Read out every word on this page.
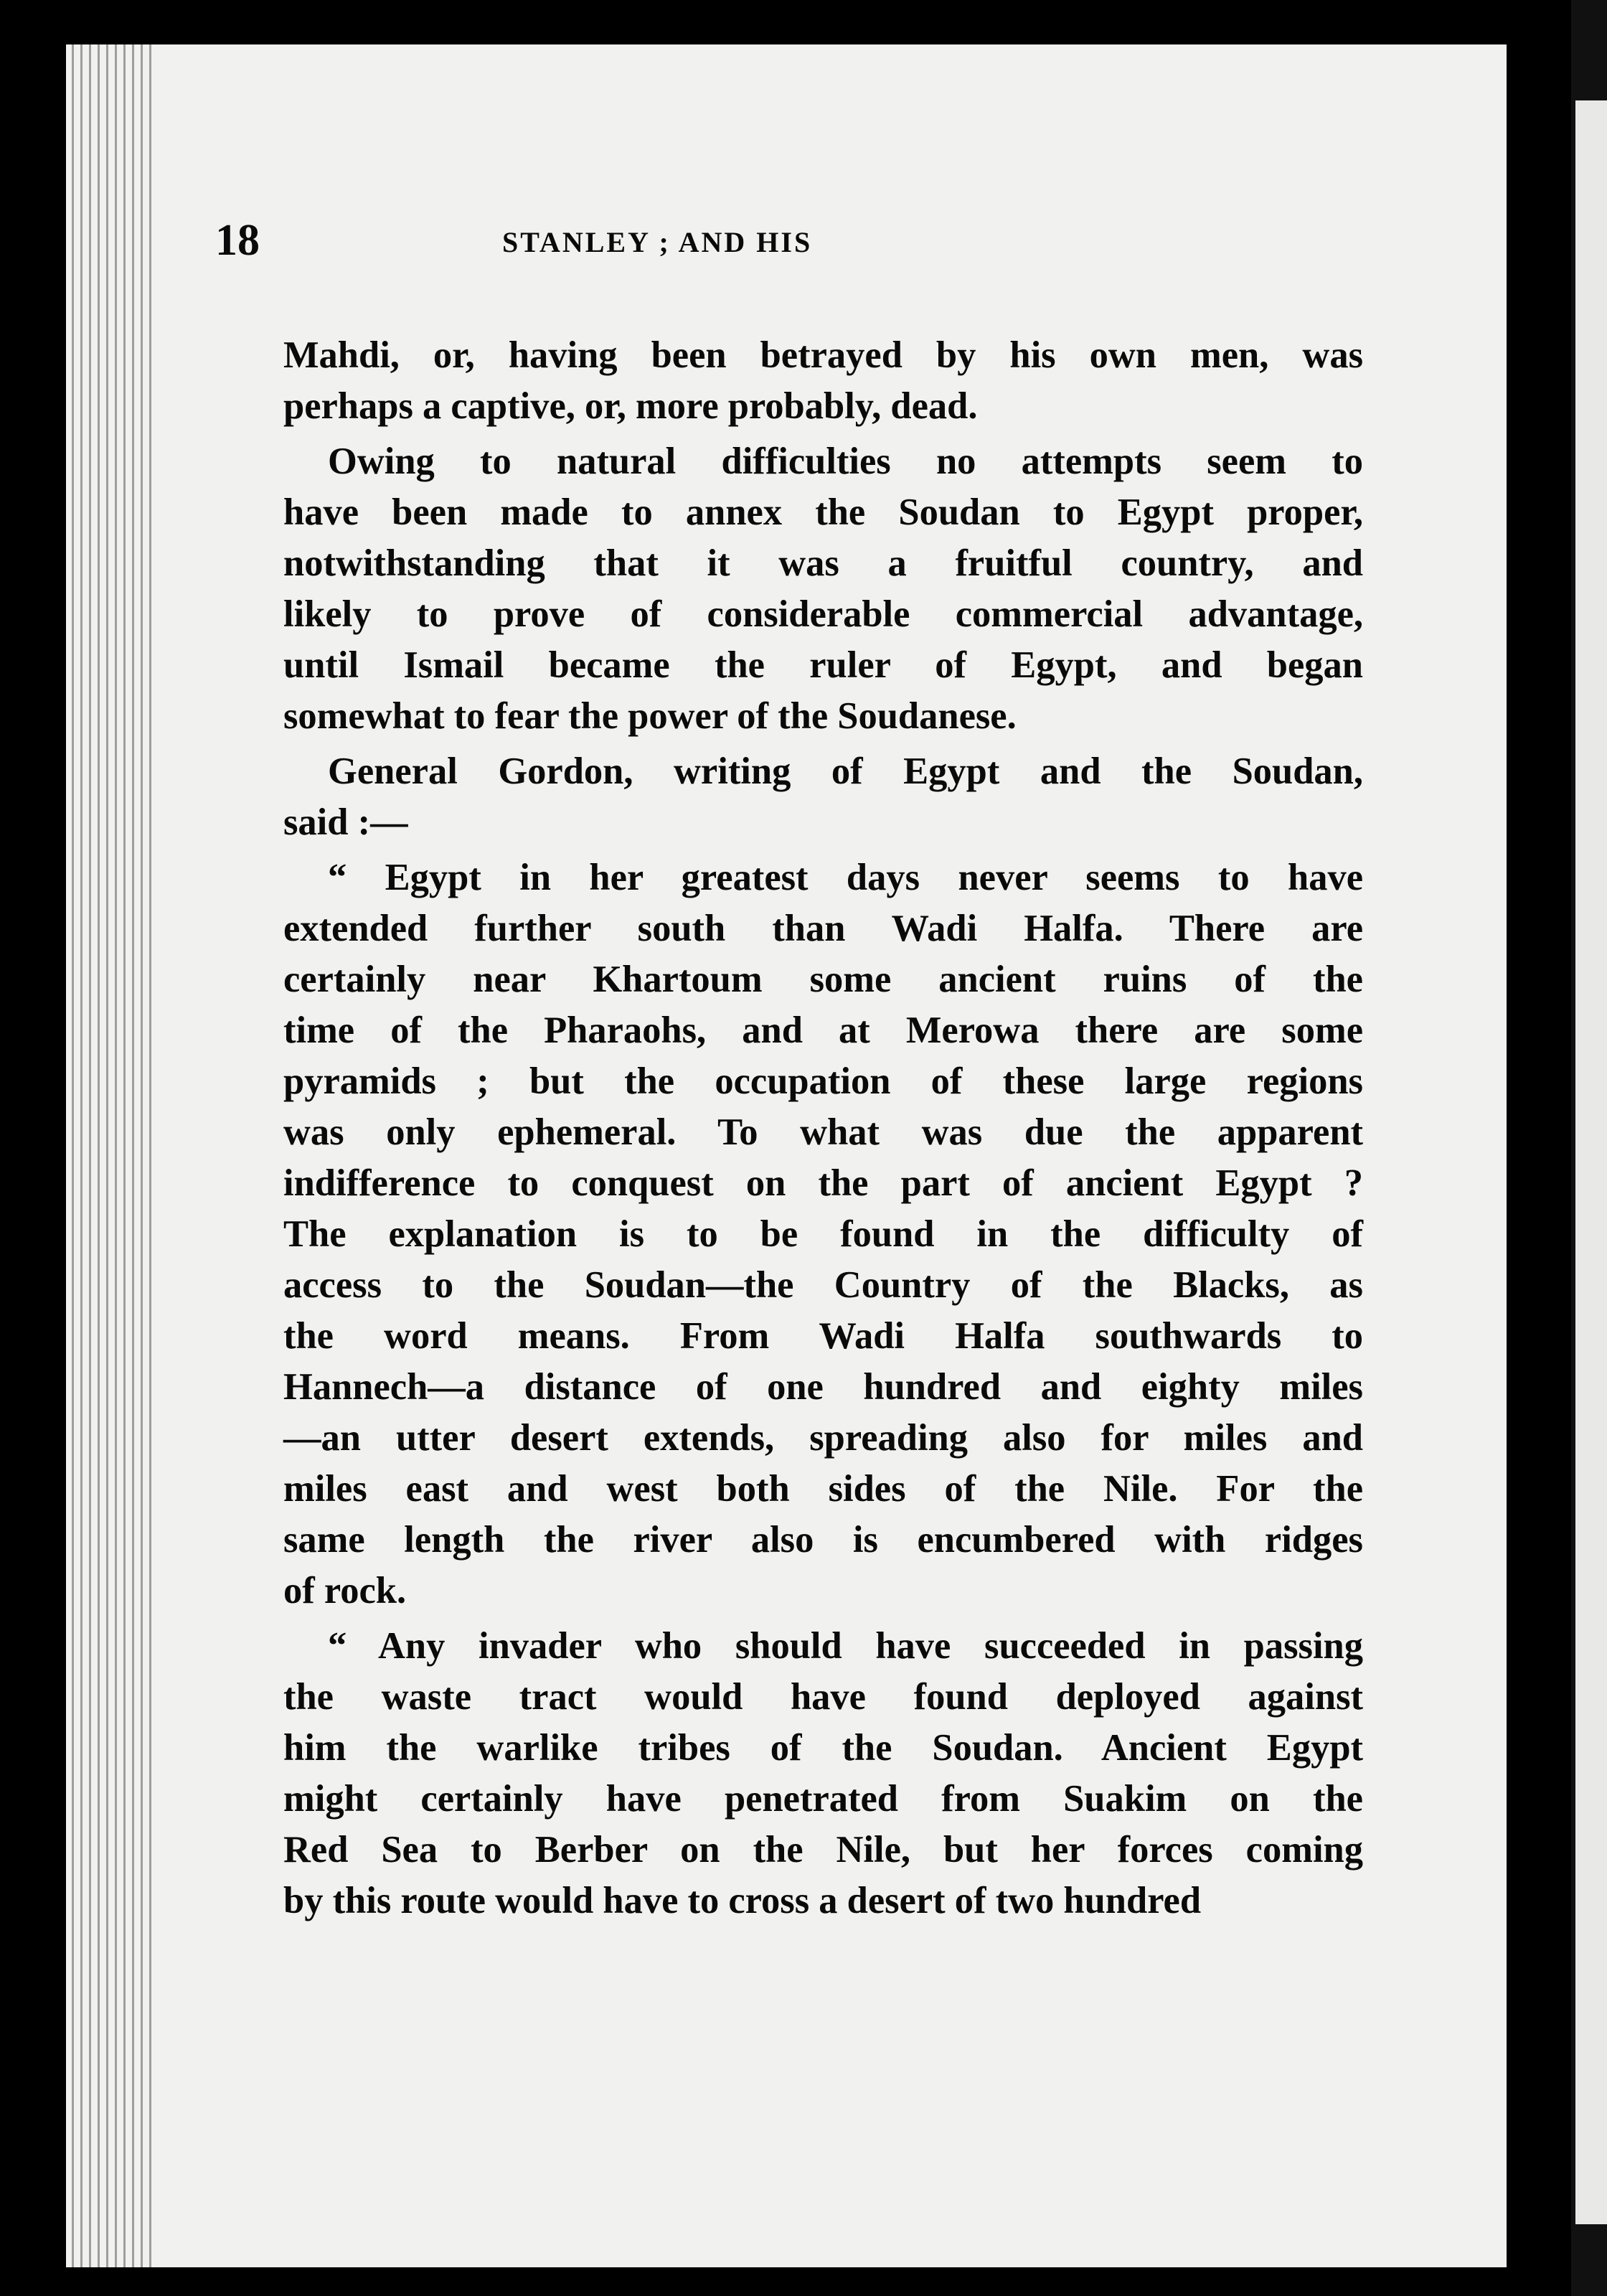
18	STANLEY ; AND HIS
Mahdi, or, having been betrayed by his own men, was
perhaps a captive, or, more probably, dead.
Owing to natural difficulties no attempts seem to
have been made to annex the Soudan to Egypt proper,
notwithstanding that it was a fruitful country, and
likely to prove of considerable commercial advantage,
until Ismail became the ruler of Egypt, and began
somewhat to fear the power of the Soudanese.
General Gordon, writing of Egypt and the Soudan,
said :—
“ Egypt in her greatest days never seems to have
extended further south than Wadi Halfa. There are
certainly near Khartoum some ancient ruins of the
time of the Pharaohs, and at Merowa there are some
pyramids ; but the occupation of these large regions
was only ephemeral. To what was due the apparent
indifference to conquest on the part of ancient Egypt ?
The explanation is to be found in the difficulty of
access to the Soudan—the Country of the Blacks, as
the word means. From Wadi Halfa southwards to
Hannech—a distance of one hundred and eighty miles
—an utter desert extends, spreading also for miles and
miles east and west both sides of the Nile. For the
same length the river also is encumbered with ridges
of rock.
“ Any invader who should have succeeded in passing
the waste tract would have found deployed against
him the warlike tribes of the Soudan. Ancient Egypt
might certainly have penetrated from Suakim on the
Red Sea to Berber on the Nile, but her forces coming
by this route would have to cross a desert of two hundred
